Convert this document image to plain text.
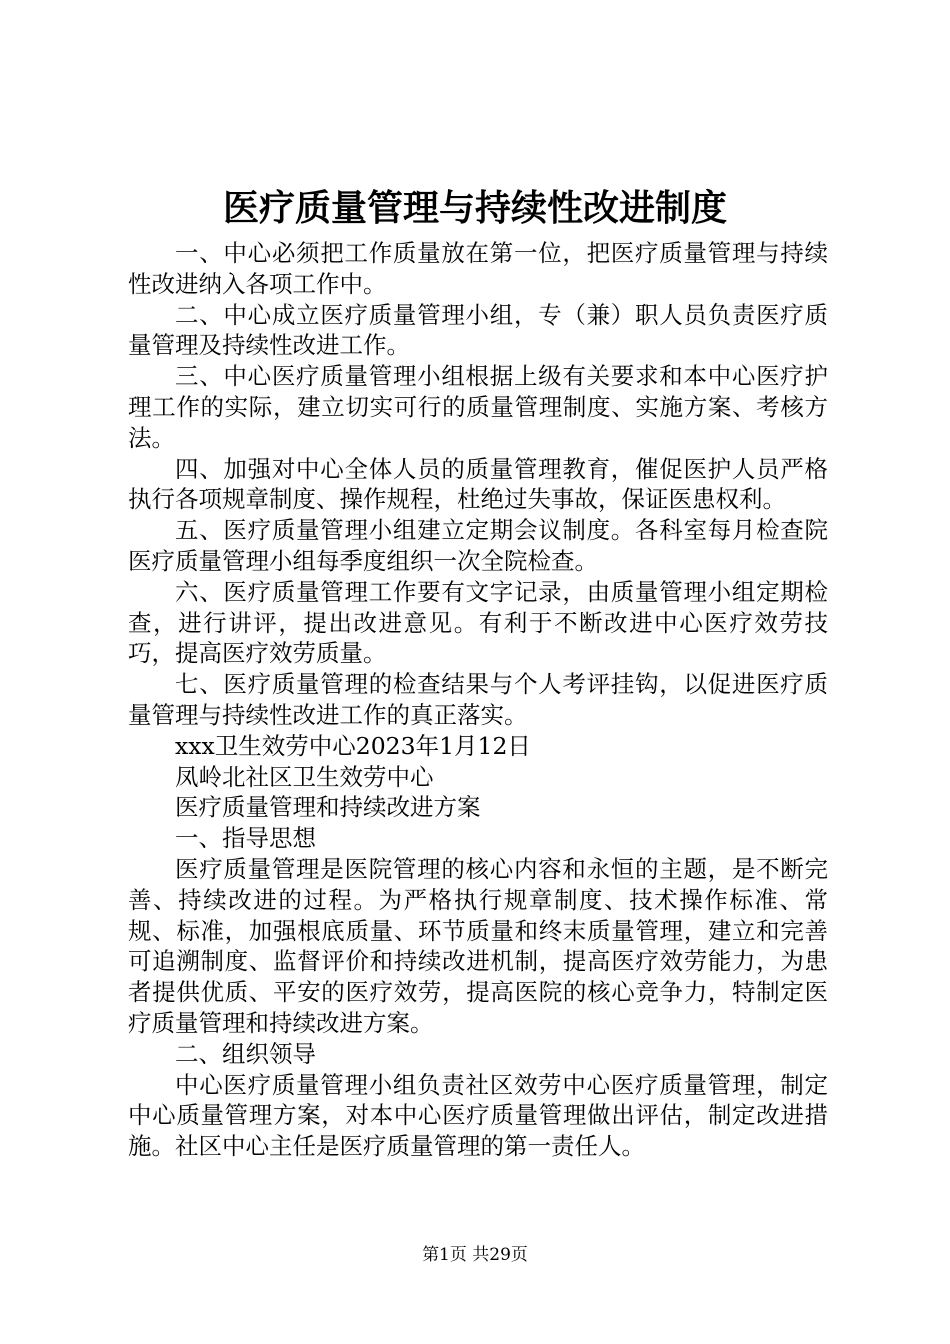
医疗质量管理与持续性改进制度

一、中心必须把工作质量放在第一位，把医疗质量管理与持续性改进纳入各项工作中。

二、中心成立医疗质量管理小组，专（兼）职人员负责医疗质量管理及持续性改进工作。

三、中心医疗质量管理小组根据上级有关要求和本中心医疗护理工作的实际，建立切实可行的质量管理制度、实施方案、考核方法。

四、加强对中心全体人员的质量管理教育，催促医护人员严格执行各项规章制度、操作规程，杜绝过失事故，保证医患权利。

五、医疗质量管理小组建立定期会议制度。各科室每月检查院医疗质量管理小组每季度组织一次全院检查。

六、医疗质量管理工作要有文字记录，由质量管理小组定期检查，进行讲评，提出改进意见。有利于不断改进中心医疗效劳技巧，提高医疗效劳质量。

七、医疗质量管理的检查结果与个人考评挂钩，以促进医疗质量管理与持续性改进工作的真正落实。

xxx卫生效劳中心2023年1月12日

凤岭北社区卫生效劳中心

医疗质量管理和持续改进方案

一、指导思想

医疗质量管理是医院管理的核心内容和永恒的主题，是不断完善、持续改进的过程。为严格执行规章制度、技术操作标准、常规、标准，加强根底质量、环节质量和终末质量管理，建立和完善可追溯制度、监督评价和持续改进机制，提高医疗效劳能力，为患者提供优质、平安的医疗效劳，提高医院的核心竞争力，特制定医疗质量管理和持续改进方案。

二、组织领导

中心医疗质量管理小组负责社区效劳中心医疗质量管理，制定中心质量管理方案，对本中心医疗质量管理做出评估，制定改进措施。社区中心主任是医疗质量管理的第一责任人。

第1页 共29页
